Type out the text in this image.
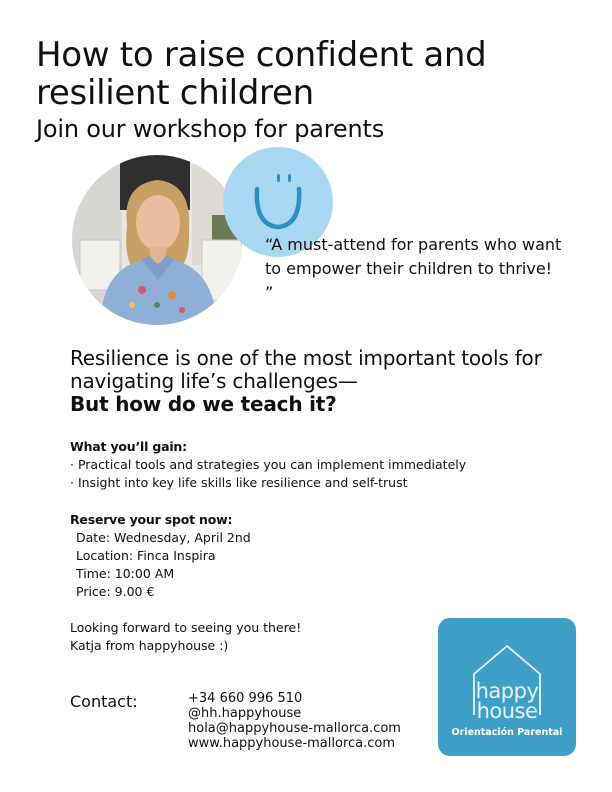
How to raise confident and resilient children
Join our workshop for parents
“A must-attend for parents who want to empower their children to thrive! ”
Resilience is one of the most important tools for navigating life’s challenges—
But how do we teach it?
What you’ll gain:
· Practical tools and strategies you can implement immediately
· Insight into key life skills like resilience and self-trust
Reserve your spot now:
Date: Wednesday, April 2nd
Location: Finca Inspira
Time: 10:00 AM
Price: 9.00 €
Looking forward to seeing you there!
Katja from happyhouse :)
Contact:	+34 660 996 510
@hh.happyhouse
hola@happyhouse-mallorca.com
www.happyhouse-mallorca.com
happy
house
Orientación Parental
